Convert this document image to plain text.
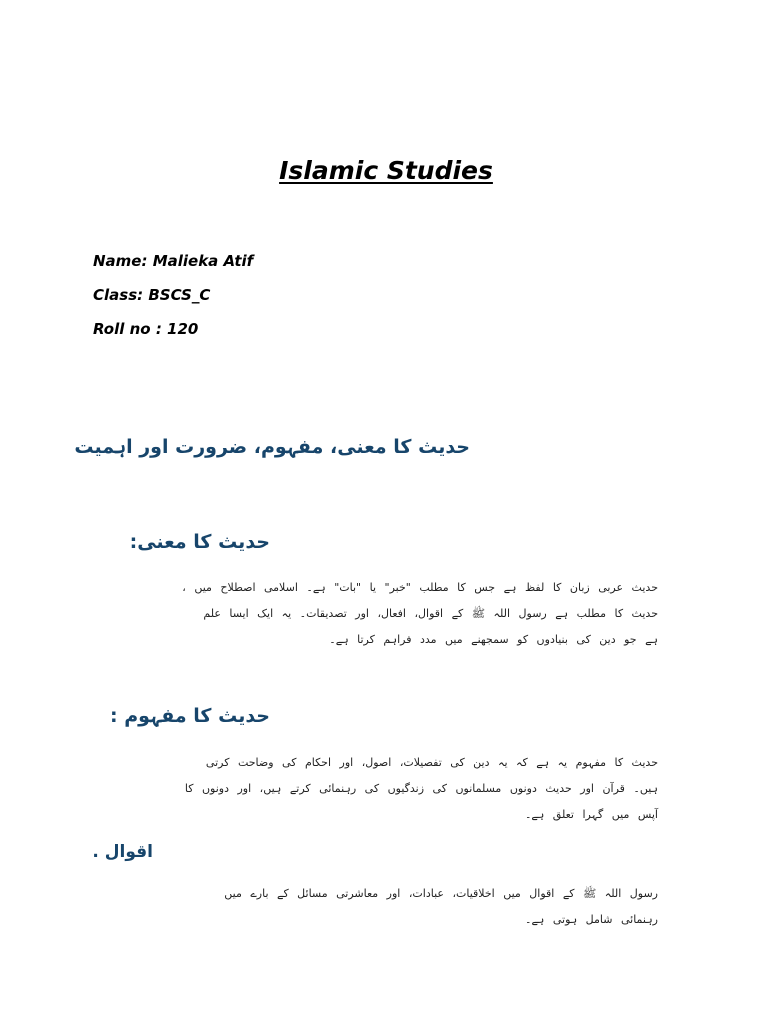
Islamic Studies
Name: Malieka Atif
Class: BSCS_C
Roll no : 120
حدیث کا معنی، مفہوم، ضرورت اور اہمیت
حدیث کا معنی:
حدیث عربی زبان کا لفظ ہے جس کا مطلب "خبر" یا "بات" ہے۔ اسلامی اصطلاح میں ،
حدیث کا مطلب ہے رسول اللہ ﷺ کے اقوال، افعال، اور تصدیقات۔ یہ ایک ایسا علم
ہے جو دین کی بنیادوں کو سمجھنے میں مدد فراہم کرتا ہے۔
حدیث کا مفہوم :
حدیث کا مفہوم یہ ہے کہ یہ دین کی تفصیلات، اصول، اور احکام کی وضاحت کرتی
ہیں۔ قرآن اور حدیث دونوں مسلمانوں کی زندگیوں کی رہنمائی کرتے ہیں، اور دونوں کا
آپس میں گہرا تعلق ہے۔
اقوال .
رسول اللہ ﷺ کے اقوال میں اخلاقیات، عبادات، اور معاشرتی مسائل کے بارے میں
رہنمائی شامل ہوتی ہے۔
